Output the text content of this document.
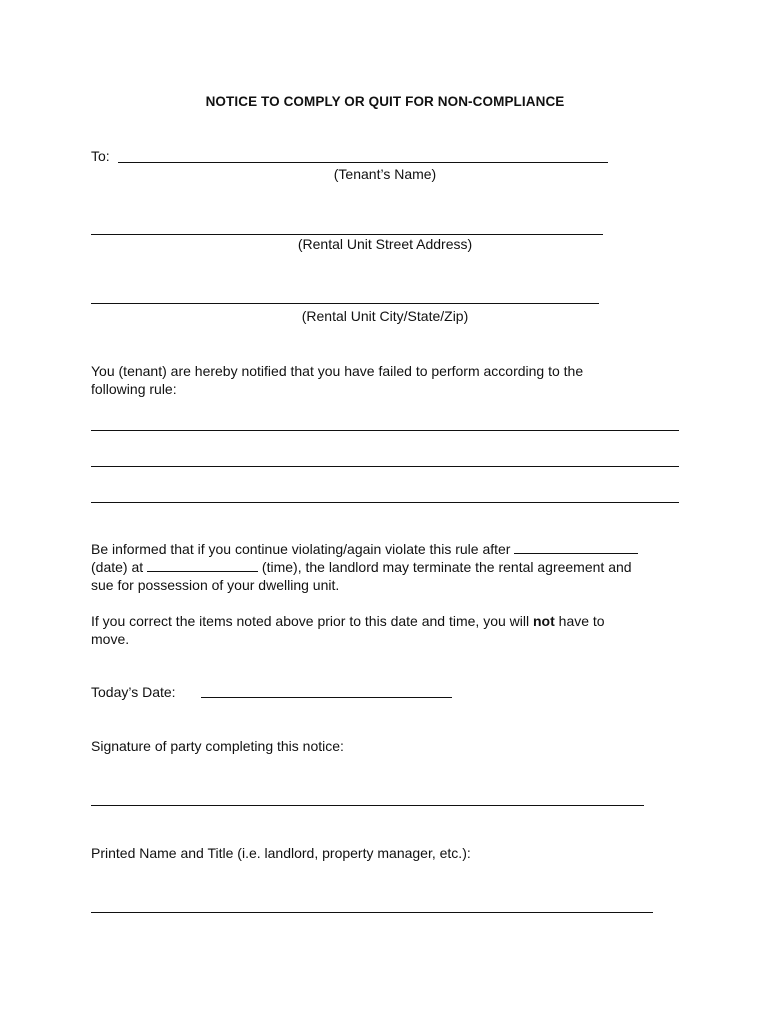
NOTICE TO COMPLY OR QUIT FOR NON-COMPLIANCE
To:
(Tenant’s Name)
(Rental Unit Street Address)
(Rental Unit City/State/Zip)
You (tenant) are hereby notified that you have failed to perform according to the
following rule:
Be informed that if you continue violating/again violate this rule after
(date) at	(time), the landlord may terminate the rental agreement and
sue for possession of your dwelling unit.
If you correct the items noted above prior to this date and time, you will not have to
move.
Today’s Date:
Signature of party completing this notice:
Printed Name and Title (i.e. landlord, property manager, etc.):
